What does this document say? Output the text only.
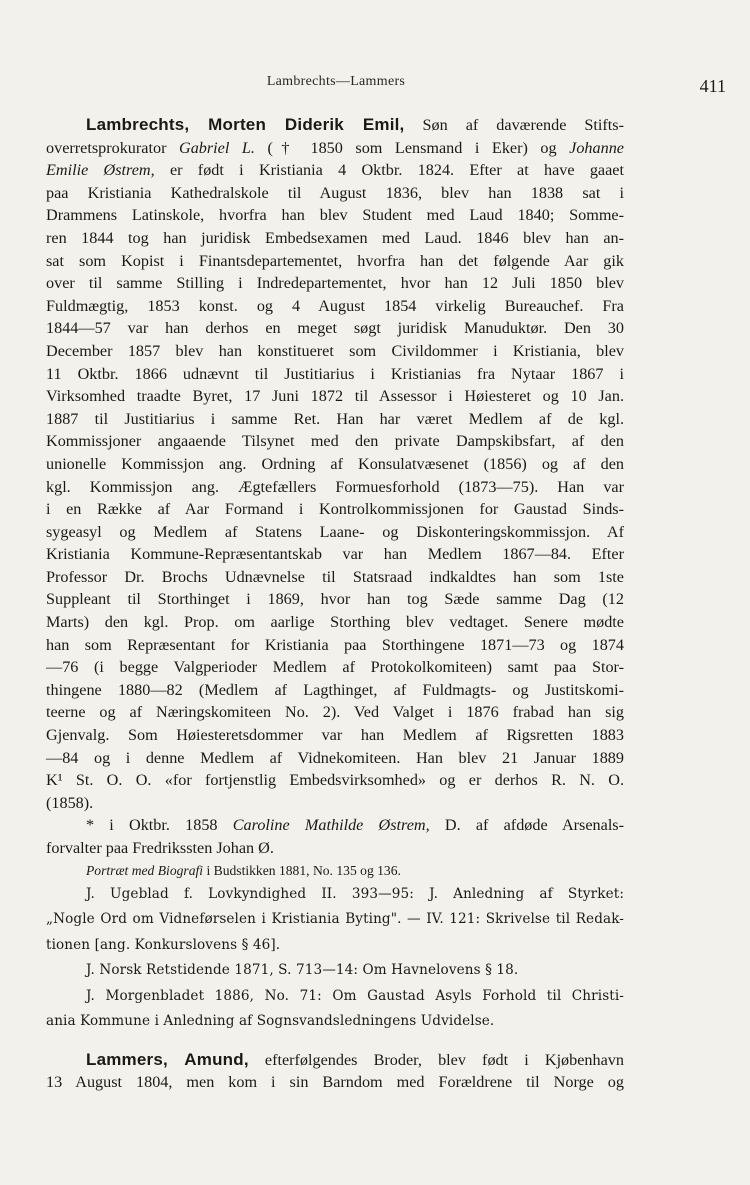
Lambrechts—Lammers	411
Lambrechts, Morten Diderik Emil, Søn af daværende Stifts-
overretsprokurator Gabriel L. († 1850 som Lensmand i Eker) og Johanne
Emilie Østrem, er født i Kristiania 4 Oktbr. 1824. Efter at have gaaet
paa Kristiania Kathedralskole til August 1836, blev han 1838 sat i
Drammens Latinskole, hvorfra han blev Student med Laud 1840; Somme-
ren 1844 tog han juridisk Embedsexamen med Laud. 1846 blev han an-
sat som Kopist i Finantsdepartementet, hvorfra han det følgende Aar gik
over til samme Stilling i Indredepartementet, hvor han 12 Juli 1850 blev
Fuldmægtig, 1853 konst. og 4 August 1854 virkelig Bureauchef. Fra
1844—57 var han derhos en meget søgt juridisk Manuduktør. Den 30
December 1857 blev han konstitueret som Civildommer i Kristiania, blev
11 Oktbr. 1866 udnævnt til Justitiarius i Kristianias fra Nytaar 1867 i
Virksomhed traadte Byret, 17 Juni 1872 til Assessor i Høiesteret og 10 Jan.
1887 til Justitiarius i samme Ret. Han har været Medlem af de kgl.
Kommissjoner angaaende Tilsynet med den private Dampskibsfart, af den
unionelle Kommissjon ang. Ordning af Konsulatvæsenet (1856) og af den
kgl. Kommissjon ang. Ægtefællers Formuesforhold (1873—75). Han var
i en Række af Aar Formand i Kontrolkommissjonen for Gaustad Sinds-
sygeasyl og Medlem af Statens Laane- og Diskonteringskommissjon. Af
Kristiania Kommune-Repræsentantskab var han Medlem 1867—84. Efter
Professor Dr. Brochs Udnævnelse til Statsraad indkaldtes han som 1ste
Suppleant til Storthinget i 1869, hvor han tog Sæde samme Dag (12
Marts) den kgl. Prop. om aarlige Storthing blev vedtaget. Senere mødte
han som Repræsentant for Kristiania paa Storthingene 1871—73 og 1874
—76 (i begge Valgperioder Medlem af Protokolkomiteen) samt paa Stor-
thingene 1880—82 (Medlem af Lagthinget, af Fuldmagts- og Justitskomi-
teerne og af Næringskomiteen No. 2). Ved Valget i 1876 frabad han sig
Gjenvalg. Som Høiesteretsdommer var han Medlem af Rigsretten 1883
—84 og i denne Medlem af Vidnekomiteen. Han blev 21 Januar 1889
K¹ St. O. O. «for fortjenstlig Embedsvirksomhed» og er derhos R. N. O.
(1858).
* i Oktbr. 1858 Caroline Mathilde Østrem, D. af afdøde Arsenals-
forvalter paa Fredrikssten Johan Ø.
Portræt med Biografi i Budstikken 1881, No. 135 og 136.
J. Ugeblad f. Lovkyndighed II. 393—95: J. Anledning af Styrket:
„Nogle Ord om Vidneførselen i Kristiania Byting". — IV. 121: Skrivelse til Redak-
tionen [ang. Konkurslovens § 46].
J. Norsk Retstidende 1871, S. 713—14: Om Havnelovens § 18.
J. Morgenbladet 1886, No. 71: Om Gaustad Asyls Forhold til Christi-
ania Kommune i Anledning af Sognsvandsledningens Udvidelse.
Lammers, Amund, efterfølgendes Broder, blev født i Kjøbenhavn
13 August 1804, men kom i sin Barndom med Forældrene til Norge og
